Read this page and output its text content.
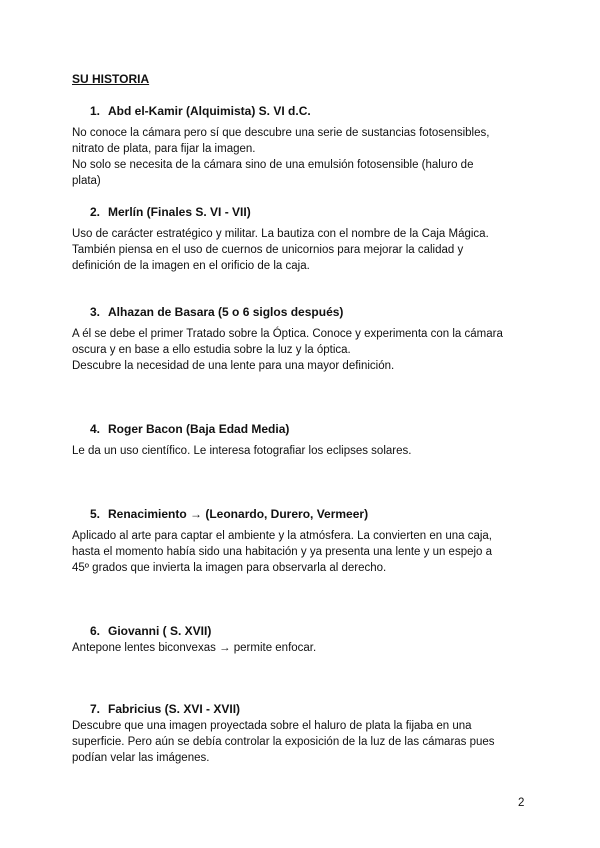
SU HISTORIA
1. Abd el-Kamir (Alquimista) S. VI d.C.

No conoce la cámara pero sí que descubre una serie de sustancias fotosensibles,
nitrato de plata, para fijar la imagen.
No solo se necesita de la cámara sino de una emulsión fotosensible (haluro de
plata)

2. Merlín (Finales S. VI - VII)

Uso de carácter estratégico y militar. La bautiza con el nombre de la Caja Mágica.
También piensa en el uso de cuernos de unicornios para mejorar la calidad y
definición de la imagen en el orificio de la caja.

3. Alhazan de Basara (5 o 6 siglos después)

A él se debe el primer Tratado sobre la Óptica. Conoce y experimenta con la cámara
oscura y en base a ello estudia sobre la luz y la óptica.
Descubre la necesidad de una lente para una mayor definición.

4. Roger Bacon (Baja Edad Media)

Le da un uso científico. Le interesa fotografiar los eclipses solares.

5. Renacimiento → (Leonardo, Durero, Vermeer)

Aplicado al arte para captar el ambiente y la atmósfera. La convierten en una caja,
hasta el momento había sido una habitación y ya presenta una lente y un espejo a
45º grados que invierta la imagen para observarla al derecho.

6. Giovanni ( S. XVII)

Antepone lentes biconvexas → permite enfocar.

7. Fabricius (S. XVI - XVII)

Descubre que una imagen proyectada sobre el haluro de plata la fijaba en una
superficie. Pero aún se debía controlar la exposición de la luz de las cámaras pues
podían velar las imágenes.

2
